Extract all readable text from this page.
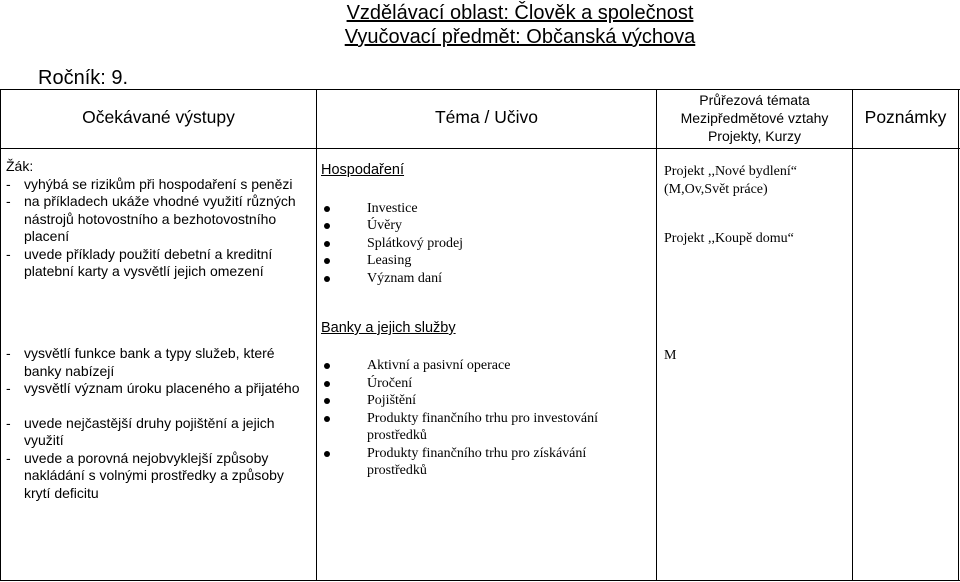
Vzdělávací oblast: Člověk a společnost
Vyučovací předmět: Občanská výchova
Ročník: 9.
Očekávané výstupy	Téma / Učivo
Průřezová témata
Mezipředmětové vztahy
Projekty, Kurzy
Poznámky
Žák:
- vyhýbá se rizikům při hospodaření s penězi
- na příkladech ukáže vhodné využití různých nástrojů hotovostního a bezhotovostního placení
- uvede příklady použití debetní a kreditní platební karty a vysvětlí jejich omezení
Hospodaření
Investice
Úvěry
Splátkový prodej
Leasing
Význam daní
Projekt ,,Nové bydlení“
(M,Ov,Svět práce)
Projekt ,,Koupě domu“
Banky a jejich služby
- vysvětlí funkce bank a typy služeb, které banky nabízejí
- vysvětlí význam úroku placeného a přijatého
- uvede nejčastější druhy pojištění a jejich využití
- uvede a porovná nejobvyklejší způsoby nakládání s volnými prostředky a způsoby krytí deficitu
Aktivní a pasivní operace
Úročení
Pojištění
Produkty finančního trhu pro investování prostředků
Produkty finančního trhu pro získávání prostředků
M
